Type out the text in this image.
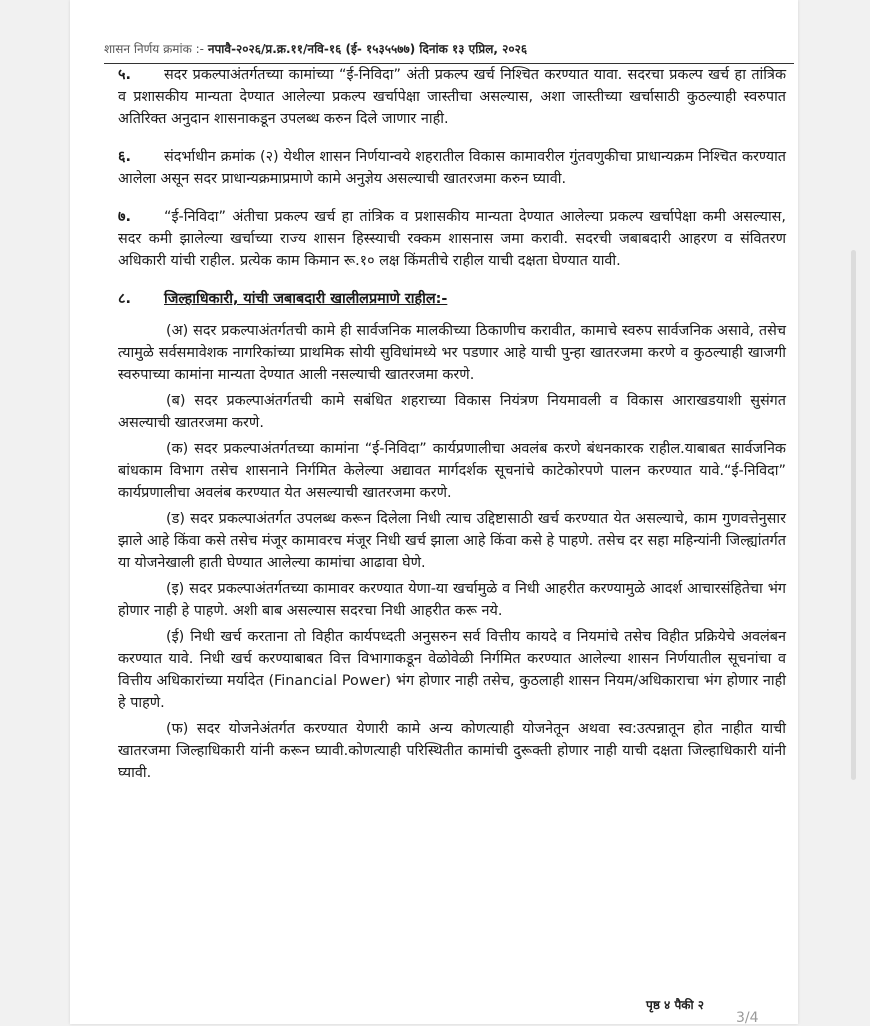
शासन निर्णय क्रमांक :- नपावै-२०२६/प्र.क्र.११/नवि-१६ (ई- १५३५५७७) दिनांक १३ एप्रिल, २०२६

५. सदर प्रकल्पाअंतर्गतच्या कामांच्या “ई-निविदा” अंती प्रकल्प खर्च निश्चित करण्यात यावा. सदरचा प्रकल्प खर्च हा तांत्रिक व प्रशासकीय मान्यता देण्यात आलेल्या प्रकल्प खर्चापेक्षा जास्तीचा असल्यास, अशा जास्तीच्या खर्चासाठी कुठल्याही स्वरुपात अतिरिक्त अनुदान शासनाकडून उपलब्ध करुन दिले जाणार नाही.

६. संदर्भाधीन क्रमांक (२) येथील शासन निर्णयान्वये शहरातील विकास कामावरील गुंतवणुकीचा प्राधान्यक्रम निश्चित करण्यात आलेला असून सदर प्राधान्यक्रमाप्रमाणे कामे अनुज्ञेय असल्याची खातरजमा करुन घ्यावी.

७. “ई-निविदा” अंतीचा प्रकल्प खर्च हा तांत्रिक व प्रशासकीय मान्यता देण्यात आलेल्या प्रकल्प खर्चापेक्षा कमी असल्यास, सदर कमी झालेल्या खर्चाच्या राज्य शासन हिस्स्याची रक्कम शासनास जमा करावी. सदरची जबाबदारी आहरण व संवितरण अधिकारी यांची राहील. प्रत्येक काम किमान रू.१० लक्ष किंमतीचे राहील याची दक्षता घेण्यात यावी.

८. जिल्हाधिकारी, यांची जबाबदारी खालीलप्रमाणे राहील:-

(अ) सदर प्रकल्पाअंतर्गतची कामे ही सार्वजनिक मालकीच्या ठिकाणीच करावीत, कामाचे स्वरुप सार्वजनिक असावे, तसेच त्यामुळे सर्वसमावेशक नागरिकांच्या प्राथमिक सोयी सुविधांमध्ये भर पडणार आहे याची पुन्हा खातरजमा करणे व कुठल्याही खाजगी स्वरुपाच्या कामांना मान्यता देण्यात आली नसल्याची खातरजमा करणे.

(ब) सदर प्रकल्पाअंतर्गतची कामे सबंधित शहराच्या विकास नियंत्रण नियमावली व विकास आराखडयाशी सुसंगत असल्याची खातरजमा करणे.

(क) सदर प्रकल्पाअंतर्गतच्या कामांना “ई-निविदा” कार्यप्रणालीचा अवलंब करणे बंधनकारक राहील.याबाबत सार्वजनिक बांधकाम विभाग तसेच शासनाने निर्गमित केलेल्या अद्यावत मार्गदर्शक सूचनांचे काटेकोरपणे पालन करण्यात यावे.“ई-निविदा” कार्यप्रणालीचा अवलंब करण्यात येत असल्याची खातरजमा करणे.

(ड) सदर प्रकल्पाअंतर्गत उपलब्ध करून दिलेला निधी त्याच उद्दिष्टासाठी खर्च करण्यात येत असल्याचे, काम गुणवत्तेनुसार झाले आहे किंवा कसे तसेच मंजूर कामावरच मंजूर निधी खर्च झाला आहे किंवा कसे हे पाहणे. तसेच दर सहा महिन्यांनी जिल्ह्यांतर्गत या योजनेखाली हाती घेण्यात आलेल्या कामांचा आढावा घेणे.

(इ) सदर प्रकल्पाअंतर्गतच्या कामावर करण्यात येणा-या खर्चामुळे व निधी आहरीत करण्यामुळे आदर्श आचारसंहितेचा भंग होणार नाही हे पाहणे. अशी बाब असल्यास सदरचा निधी आहरीत करू नये.

(ई) निधी खर्च करताना तो विहीत कार्यपध्दती अनुसरुन सर्व वित्तीय कायदे व नियमांचे तसेच विहीत प्रक्रियेचे अवलंबन करण्यात यावे. निधी खर्च करण्याबाबत वित्त विभागाकडून वेळोवेळी निर्गमित करण्यात आलेल्या शासन निर्णयातील सूचनांचा व वित्तीय अधिकारांच्या मर्यादेत (Financial Power) भंग होणार नाही तसेच, कुठलाही शासन नियम/अधिकाराचा भंग होणार नाही हे पाहणे.

(फ) सदर योजनेअंतर्गत करण्यात येणारी कामे अन्य कोणत्याही योजनेतून अथवा स्व:उत्पन्नातून होत नाहीत याची खातरजमा जिल्हाधिकारी यांनी करून घ्यावी.कोणत्याही परिस्थितीत कामांची दुरूक्ती होणार नाही याची दक्षता जिल्हाधिकारी यांनी घ्यावी.

पृष्ठ ४ पैकी २
3/4
